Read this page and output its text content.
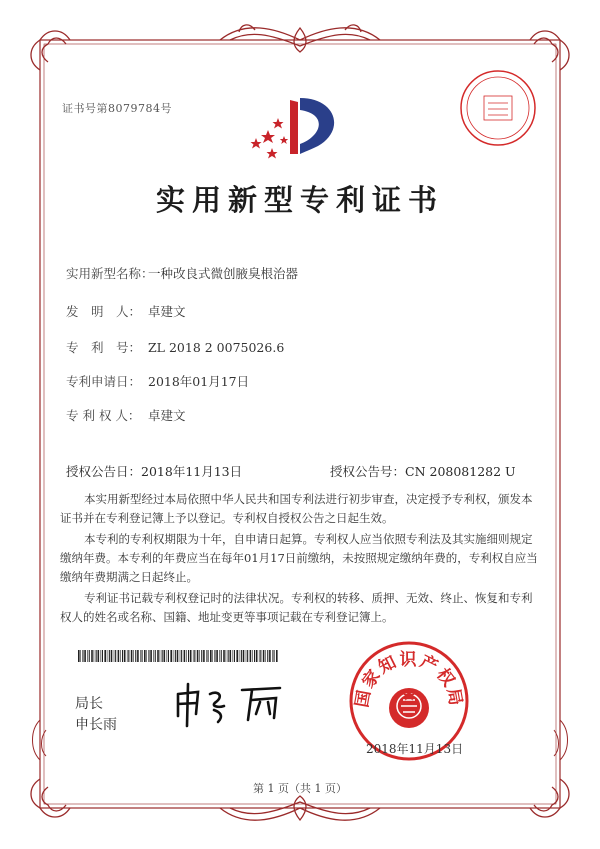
证书号第8079784号
实用新型专利证书
实用新型名称：一种改良式微创腋臭根治器
发　明　人： 卓建文
专　利　号： ZL 2018 2 0075026.6
专利申请日： 2018年01月17日
专 利 权 人： 卓建文
授权公告日：2018年11月13日	授权公告号：CN 208081282 U
本实用新型经过本局依照中华人民共和国专利法进行初步审查，决定授予专利权，颁发本证书并在专利登记簿上予以登记。专利权自授权公告之日起生效。
本专利的专利权期限为十年，自申请日起算。专利权人应当依照专利法及其实施细则规定缴纳年费。本专利的年费应当在每年01月17日前缴纳，未按照规定缴纳年费的，专利权自应当缴纳年费期满之日起终止。
专利证书记载专利权登记时的法律状况。专利权的转移、质押、无效、终止、恢复和专利权人的姓名或名称、国籍、地址变更等事项记载在专利登记簿上。
局长
申长雨
国家知识产权局
2018年11月13日
第 1 页（共 1 页）
